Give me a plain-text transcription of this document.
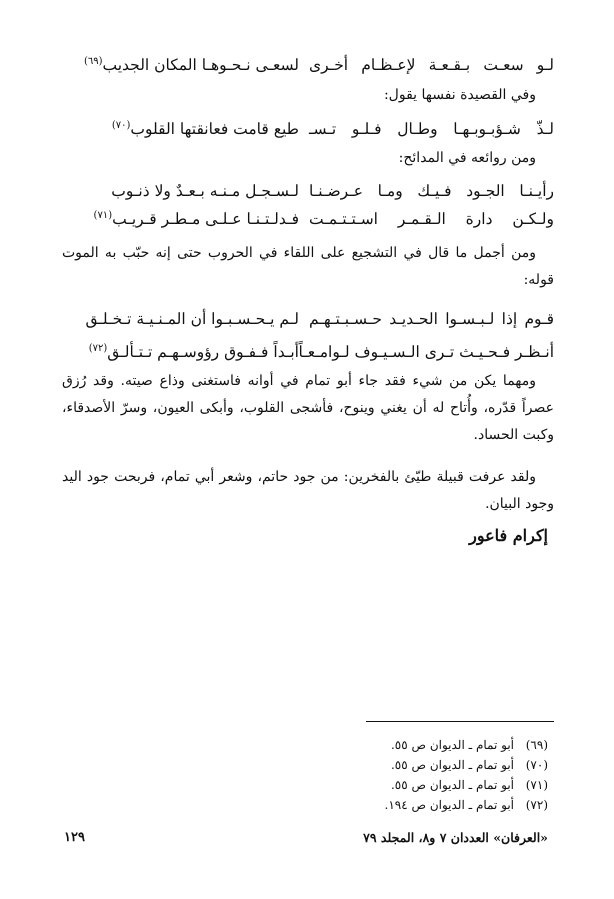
لـو سعـت بـقـعـة لإعـظـام أخـرى
لسعـى نـحـوهـا المكان الجديب$^{(٦٩)}$
وفي القصيدة نفسها يقول:
لـذّ شـؤبـوبـهـا وطـال فـلـو تـسـ
طيع قامت فعانقتها القلوب$^{(٧٠)}$
ومن روائعه في المدائح:
رأيـنـا الجـود فـيـك ومـا عـرضـنـا
لـسـجـل مـنـه بـعـدٌ ولا ذنـوب
ولـكـن دارة الـقـمـر اسـتـتـمـت
فـدلـتـنـا عـلـى مـطـر قـريـب$^{(٧١)}$
ومن أجمل ما قال في التشجيع على اللقاء في الحروب حتى إنه حبّب به الموت قوله:
قـوم إذا لـبـسـوا الحـديـد حـسـبـتـهـم
لـم يـحـسـبـوا أن المـنـيـة تـخـلـق
أنـظـر فـحـيـث تـرى الـسـيـوف لـوامـعـاً
أبـداً فـفـوق رؤوسـهـم تـتـألـق$^{(٧٢)}$
ومهما يكن من شيء فقد جاء أبو تمام في أوانه فاستغنى وذاع صيته. وقد رُزق عصراً قدّره، وأُتاح له أن يغني وينوح، فأشجى القلوب، وأبكى العيون، وسرّ الأصدقاء، وكبت الحساد.
ولقد عرفت قبيلة طيّئ بالفخرين: من جود حاتم، وشعر أبي تمام، فربحت جود اليد وجود البيان.
إكرام فاعور
(٦٩)أبو تمام ـ الديوان ص ٥٥.
(٧٠)أبو تمام ـ الديوان ص ٥٥.
(٧١)أبو تمام ـ الديوان ص ٥٥.
(٧٢)أبو تمام ـ الديوان ص ١٩٤.
«العرفان» العددان ٧ و٨، المجلد ٧٩
١٢٩
